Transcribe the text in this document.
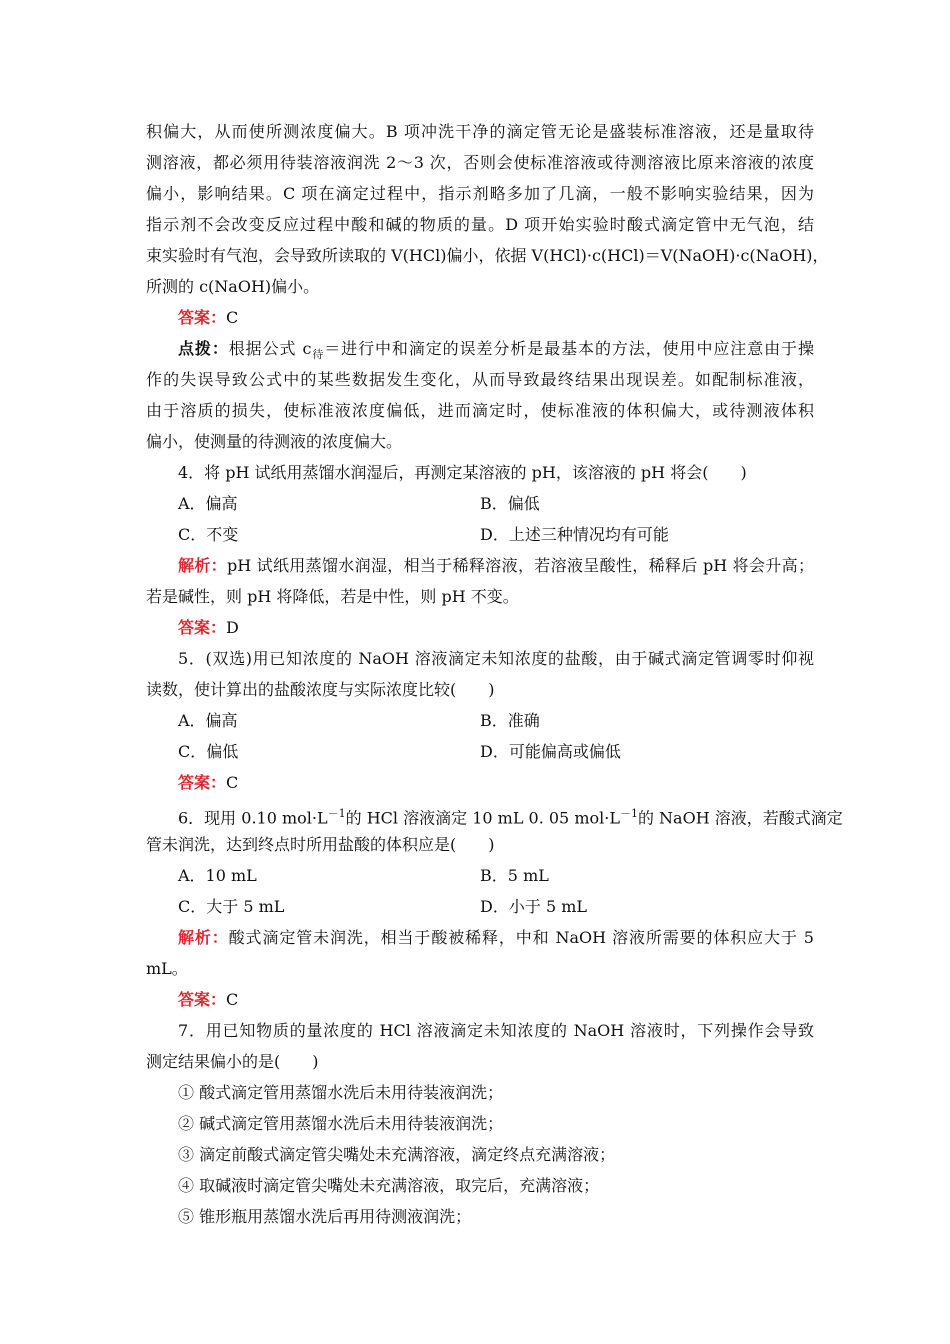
积偏大，从而使所测浓度偏大。B 项冲洗干净的滴定管无论是盛装标准溶液，还是量取待
测溶液，都必须用待装溶液润洗 2～3 次，否则会使标准溶液或待测溶液比原来溶液的浓度
偏小，影响结果。C 项在滴定过程中，指示剂略多加了几滴，一般不影响实验结果，因为
指示剂不会改变反应过程中酸和碱的物质的量。D 项开始实验时酸式滴定管中无气泡，结
束实验时有气泡，会导致所读取的 V(HCl)偏小，依据 V(HCl)·c(HCl)＝V(NaOH)·c(NaOH)，
所测的 c(NaOH)偏小。
答案：C
点拨：根据公式 $c_待=$进行中和滴定的误差分析是最基本的方法，使用中应注意由于操
作的失误导致公式中的某些数据发生变化，从而导致最终结果出现误差。如配制标准液，
由于溶质的损失，使标准液浓度偏低，进而滴定时，使标准液的体积偏大，或待测液体积
偏小，使测量的待测液的浓度偏大。
4．将 pH 试纸用蒸馏水润湿后，再测定某溶液的 pH，该溶液的 pH 将会(　　)
A．偏高	B．偏低
C．不变	D．上述三种情况均有可能
解析：pH 试纸用蒸馏水润湿，相当于稀释溶液，若溶液呈酸性，稀释后 pH 将会升高；
若是碱性，则 pH 将降低，若是中性，则 pH 不变。
答案：D
5．(双选)用已知浓度的 NaOH 溶液滴定未知浓度的盐酸，由于碱式滴定管调零时仰视
读数，使计算出的盐酸浓度与实际浓度比较(　　)
A．偏高	B．准确
C．偏低	D．可能偏高或偏低
答案：C
6．现用 0.10 $mol\cdot L^{-1}$的 HCl 溶液滴定 10 mL 0. 05 $mol\cdot L^{-1}$的 NaOH 溶液，若酸式滴定
管未润洗，达到终点时所用盐酸的体积应是(　　)
A．10 mL	B．5 mL
C．大于 5 mL	D．小于 5 mL
解析：酸式滴定管未润洗，相当于酸被稀释，中和 NaOH 溶液所需要的体积应大于 5
mL。
答案：C
7．用已知物质的量浓度的 HCl 溶液滴定未知浓度的 NaOH 溶液时，下列操作会导致
测定结果偏小的是(　　)
① 酸式滴定管用蒸馏水洗后未用待装液润洗；
② 碱式滴定管用蒸馏水洗后未用待装液润洗；
③ 滴定前酸式滴定管尖嘴处未充满溶液，滴定终点充满溶液；
④ 取碱液时滴定管尖嘴处未充满溶液，取完后，充满溶液；
⑤ 锥形瓶用蒸馏水洗后再用待测液润洗；
